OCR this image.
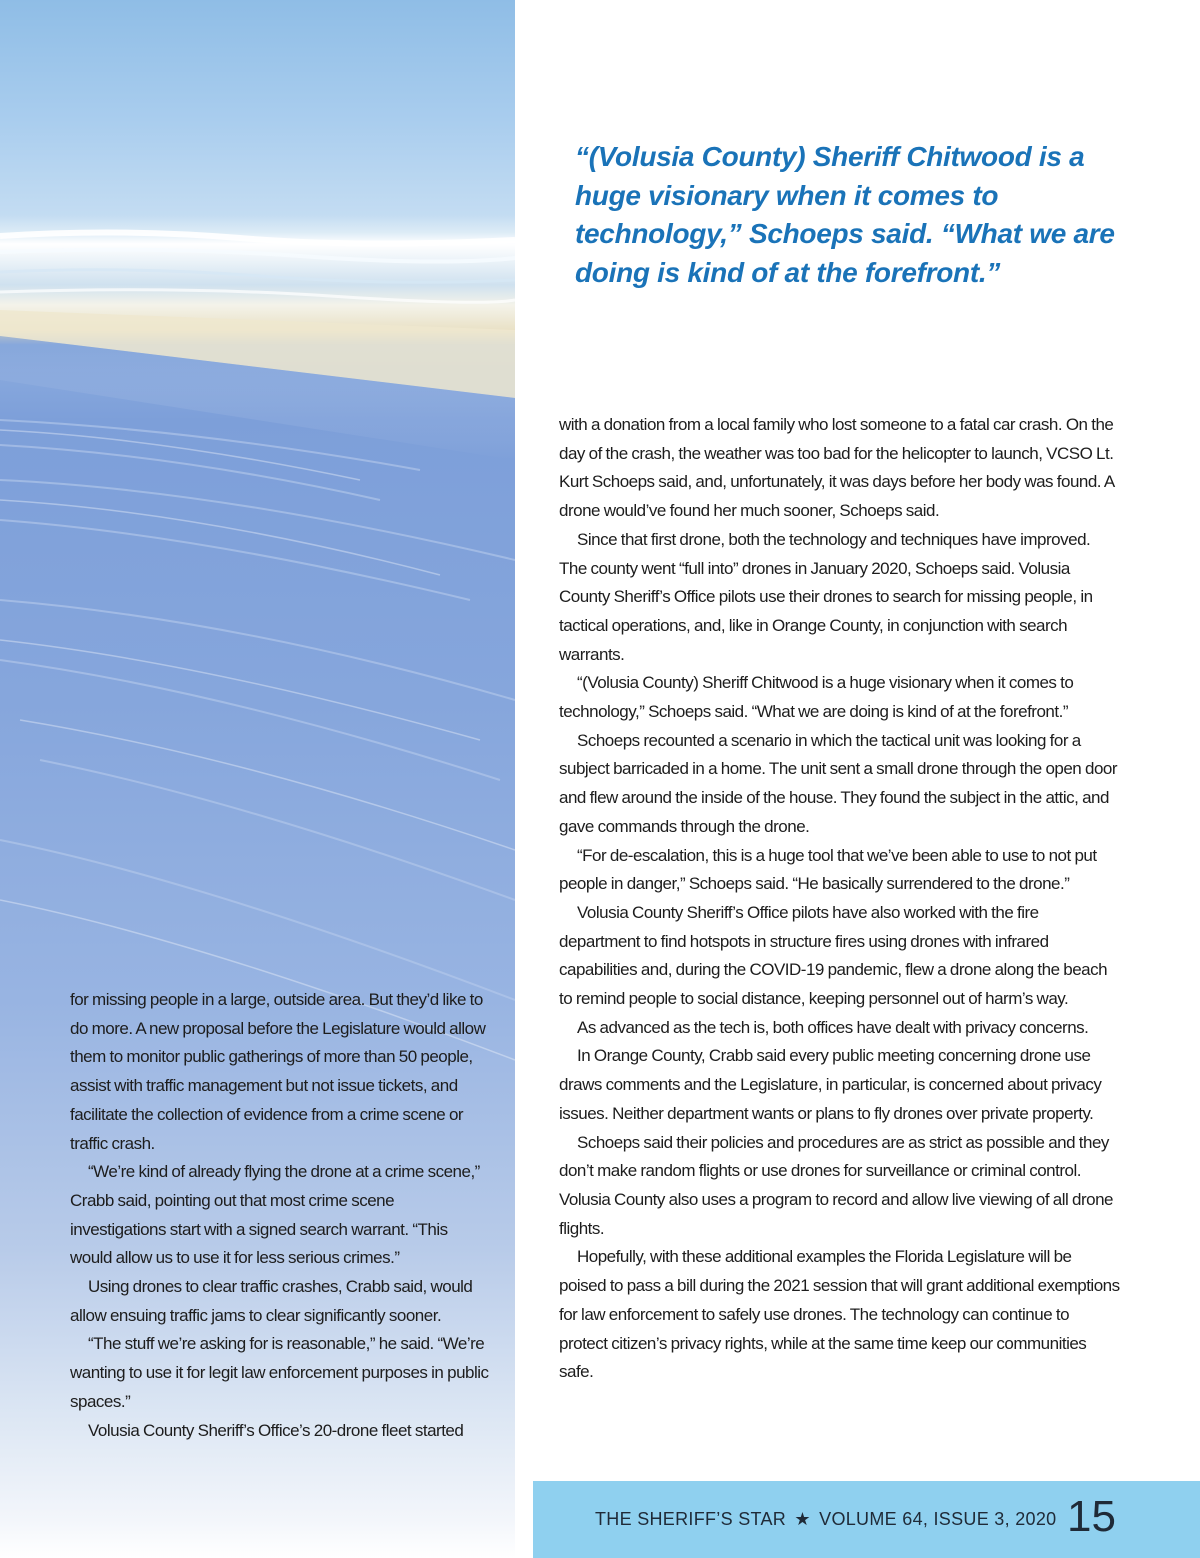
“(Volusia County) Sheriff Chitwood is a huge visionary when it comes to technology,” Schoeps said. “What we are doing is kind of at the forefront.”

for missing people in a large, outside area. But they’d like to do more. A new proposal before the Legislature would allow them to monitor public gatherings of more than 50 people, assist with traffic management but not issue tickets, and facilitate the collection of evidence from a crime scene or traffic crash.

“We’re kind of already flying the drone at a crime scene,” Crabb said, pointing out that most crime scene investigations start with a signed search warrant. “This would allow us to use it for less serious crimes.”

Using drones to clear traffic crashes, Crabb said, would allow ensuing traffic jams to clear significantly sooner.

“The stuff we’re asking for is reasonable,” he said. “We’re wanting to use it for legit law enforcement purposes in public spaces.”

Volusia County Sheriff’s Office’s 20-drone fleet started

with a donation from a local family who lost someone to a fatal car crash. On the day of the crash, the weather was too bad for the helicopter to launch, VCSO Lt. Kurt Schoeps said, and, unfortunately, it was days before her body was found. A drone would’ve found her much sooner, Schoeps said.

Since that first drone, both the technology and techniques have improved. The county went “full into” drones in January 2020, Schoeps said. Volusia County Sheriff’s Office pilots use their drones to search for missing people, in tactical operations, and, like in Orange County, in conjunction with search warrants.

“(Volusia County) Sheriff Chitwood is a huge visionary when it comes to technology,” Schoeps said. “What we are doing is kind of at the forefront.”

Schoeps recounted a scenario in which the tactical unit was looking for a subject barricaded in a home. The unit sent a small drone through the open door and flew around the inside of the house. They found the subject in the attic, and gave commands through the drone.

“For de-escalation, this is a huge tool that we’ve been able to use to not put people in danger,” Schoeps said. “He basically surrendered to the drone.”

Volusia County Sheriff’s Office pilots have also worked with the fire department to find hotspots in structure fires using drones with infrared capabilities and, during the COVID-19 pandemic, flew a drone along the beach to remind people to social distance, keeping personnel out of harm’s way.

As advanced as the tech is, both offices have dealt with privacy concerns.

In Orange County, Crabb said every public meeting concerning drone use draws comments and the Legislature, in particular, is concerned about privacy issues. Neither department wants or plans to fly drones over private property.

Schoeps said their policies and procedures are as strict as possible and they don’t make random flights or use drones for surveillance or criminal control. Volusia County also uses a program to record and allow live viewing of all drone flights.

Hopefully, with these additional examples the Florida Legislature will be poised to pass a bill during the 2021 session that will grant additional exemptions for law enforcement to safely use drones. The technology can continue to protect citizen’s privacy rights, while at the same time keep our communities safe.

THE SHERIFF’S STAR ★ VOLUME 64, ISSUE 3, 2020 15
